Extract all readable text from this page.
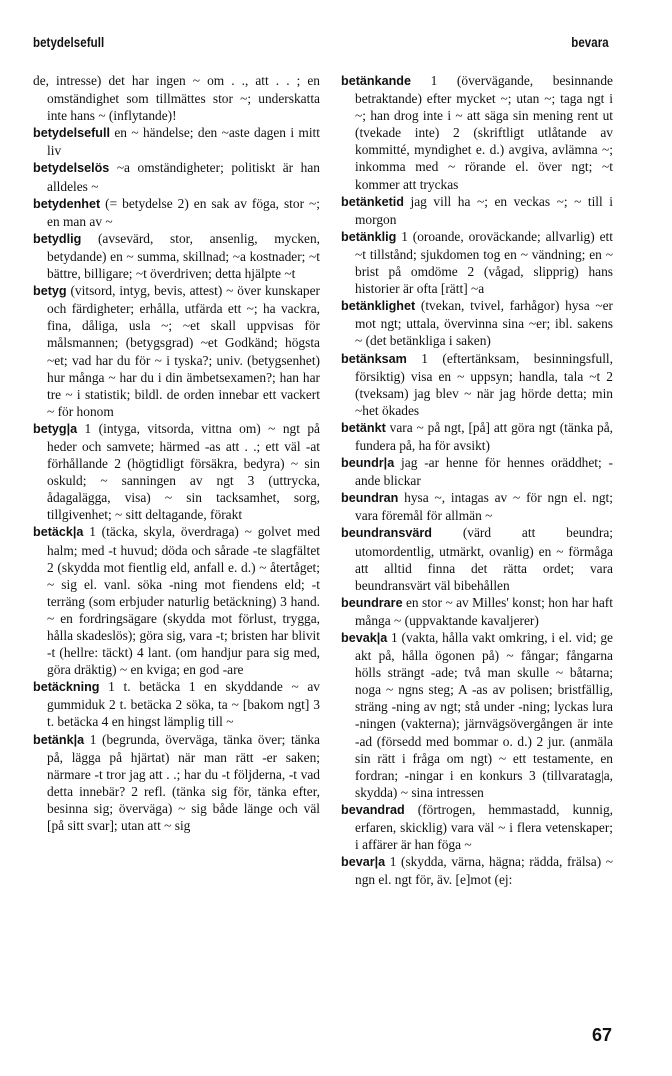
betydelsefull	bevara

de, intresse) det har ingen ~ om . ., att . . ; en omständighet som tillmättes stor ~; underskatta inte hans ~ (inflytande)!

betydelsefull en ~ händelse; den ~aste dagen i mitt liv

betydelselös ~a omständigheter; politiskt är han alldeles ~

betydenhet (= betydelse 2) en sak av föga, stor ~; en man av ~

betydlig (avsevärd, stor, ansenlig, mycken, betydande) en ~ summa, skillnad; ~a kostnader; ~t bättre, billigare; ~t överdriven; detta hjälpte ~t

betyg (vitsord, intyg, bevis, attest) ~ över kunskaper och färdigheter; erhålla, utfärda ett ~; ha vackra, fina, dåliga, usla ~; ~et skall uppvisas för målsmannen; (betygsgrad) ~et Godkänd; högsta ~et; vad har du för ~ i tyska?; univ. (betygsenhet) hur många ~ har du i din ämbetsexamen?; han har tre ~ i statistik; bildl. de orden innebar ett vackert ~ för honom

betyg|a 1 (intyga, vitsorda, vittna om) ~ ngt på heder och samvete; härmed -as att . .; ett väl -at förhållande 2 (högtidligt försäkra, bedyra) ~ sin oskuld; ~ sanningen av ngt 3 (uttrycka, ådagalägga, visa) ~ sin tacksamhet, sorg, tillgivenhet; ~ sitt deltagande, förakt

betäck|a 1 (täcka, skyla, överdraga) ~ golvet med halm; med -t huvud; döda och sårade -te slagfältet 2 (skydda mot fientlig eld, anfall e. d.) ~ återtåget; ~ sig el. vanl. söka -ning mot fiendens eld; -t terräng (som erbjuder naturlig betäckning) 3 hand. ~ en fordringsägare (skydda mot förlust, trygga, hålla skadeslös); göra sig, vara -t; bristen har blivit -t (hellre: täckt) 4 lant. (om handjur para sig med, göra dräktig) ~ en kviga; en god -are

betäckning 1 t. betäcka 1 en skyddande ~ av gummiduk 2 t. betäcka 2 söka, ta ~ [bakom ngt] 3 t. betäcka 4 en hingst lämplig till ~

betänk|a 1 (begrunda, överväga, tänka över; tänka på, lägga på hjärtat) när man rätt -er saken; närmare -t tror jag att . .; har du -t följderna, -t vad detta innebär? 2 refl. (tänka sig för, tänka efter, besinna sig; överväga) ~ sig både länge och väl [på sitt svar]; utan att ~ sig

betänkande 1 (övervägande, besinnande betraktande) efter mycket ~; utan ~; taga ngt i ~; han drog inte i ~ att säga sin mening rent ut (tvekade inte) 2 (skriftligt utlåtande av kommitté, myndighet e. d.) avgiva, avlämna ~; inkomma med ~ rörande el. över ngt; ~t kommer att tryckas

betänketid jag vill ha ~; en veckas ~; ~ till i morgon

betänklig 1 (oroande, oroväckande; allvarlig) ett ~t tillstånd; sjukdomen tog en ~ vändning; en ~ brist på omdöme 2 (vågad, slipprig) hans historier är ofta [rätt] ~a

betänklighet (tvekan, tvivel, farhågor) hysa ~er mot ngt; uttala, övervinna sina ~er; ibl. sakens ~ (det betänkliga i saken)

betänksam 1 (eftertänksam, besinningsfull, försiktig) visa en ~ uppsyn; handla, tala ~t 2 (tveksam) jag blev ~ när jag hörde detta; min ~het ökades

betänkt vara ~ på ngt, [på] att göra ngt (tänka på, fundera på, ha för avsikt)

beundr|a jag -ar henne för hennes oräddhet; -ande blickar

beundran hysa ~, intagas av ~ för ngn el. ngt; vara föremål för allmän ~

beundransvärd (värd att beundra; utomordentlig, utmärkt, ovanlig) en ~ förmåga att alltid finna det rätta ordet; vara beundransvärt väl bibehållen

beundrare en stor ~ av Milles' konst; hon har haft många ~ (uppvaktande kavaljerer)

bevak|a 1 (vakta, hålla vakt omkring, i el. vid; ge akt på, hålla ögonen på) ~ fångar; fångarna hölls strängt -ade; två man skulle ~ båtarna; noga ~ ngns steg; A -as av polisen; bristfällig, sträng -ning av ngt; stå under -ning; lyckas lura -ningen (vakterna); järnvägsövergången är inte -ad (försedd med bommar o. d.) 2 jur. (anmäla sin rätt i fråga om ngt) ~ ett testamente, en fordran; -ningar i en konkurs 3 (tillvaratag|a, skydda) ~ sina intressen

bevandrad (förtrogen, hemmastadd, kunnig, erfaren, skicklig) vara väl ~ i flera vetenskaper; i affärer är han föga ~

bevar|a 1 (skydda, värna, hägna; rädda, frälsa) ~ ngn el. ngt för, äv. [e]mot (ej:

67
